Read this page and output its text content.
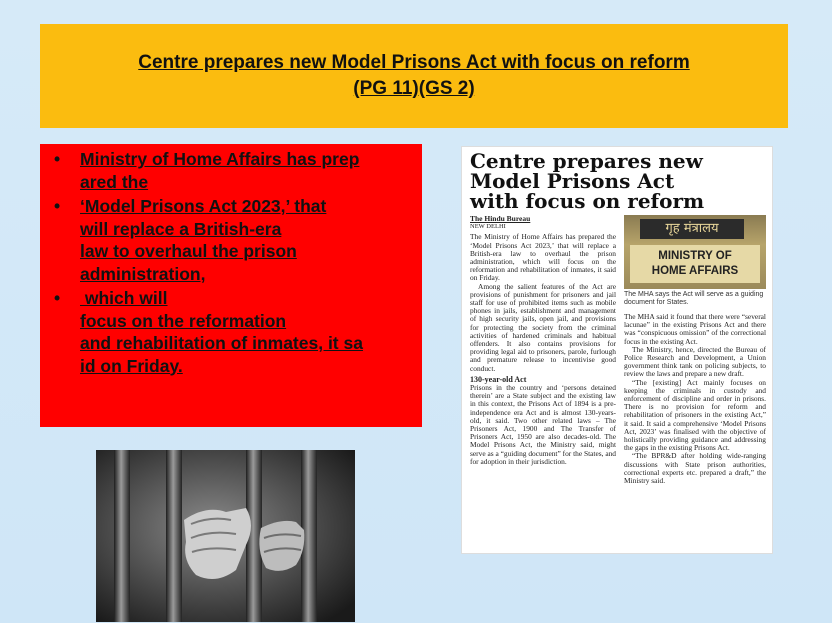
Centre prepares new Model Prisons Act with focus on reform
(PG 11)(GS 2)
• Ministry of Home Affairs has prep
ared the
• ‘Model Prisons Act 2023,’ that
will replace a British-era
law to overhaul the prison
administration,
• which will
focus on the reformation
and rehabilitation of inmates, it sa
id on Friday.
Centre prepares new
Model Prisons Act
with focus on reform
The Hindu Bureau
NEW DELHI
The Ministry of Home Affairs has prepared the ‘Model Prisons Act 2023,’ that will replace a British-era law to overhaul the prison administration, which will focus on the reformation and rehabilitation of inmates, it said on Friday.
Among the salient features of the Act are provisions of punishment for prisoners and jail staff for use of prohibited items such as mobile phones in jails, establishment and management of high security jails, open jail, and provisions for protecting the society from the criminal activities of hardened criminals and habitual offenders. It also contains provisions for providing legal aid to prisoners, parole, furlough and premature release to incentivise good conduct.
130-year-old Act
Prisons in the country and ‘persons detained therein’ are a State subject and the existing law in this context, the Prisons Act of 1894 is a pre-independence era Act and is almost 130-years-old, it said. Two other related laws – The Prisoners Act, 1900 and The Transfer of Prisoners Act, 1950 are also decades-old. The Model Prisons Act, the Ministry said, might serve as a “guiding document” for the States, and for adoption in their jurisdiction.
गृह मंत्रालय
MINISTRY OF
HOME AFFAIRS
The MHA says the Act will serve as a guiding document for States.
The MHA said it found that there were “several lacunae” in the existing Prisons Act and there was “conspicuous omission” of the correctional focus in the existing Act.
The Ministry, hence, directed the Bureau of Police Research and Development, a Union government think tank on policing subjects, to review the laws and prepare a new draft.
“The [existing] Act mainly focuses on keeping the criminals in custody and enforcement of discipline and order in prisons. There is no provision for reform and rehabilitation of prisoners in the existing Act,” it said. It said a comprehensive ‘Model Prisons Act, 2023’ was finalised with the objective of holistically providing guidance and addressing the gaps in the existing Prisons Act.
“The BPR&D after holding wide-ranging discussions with State prison authorities, correctional experts etc. prepared a draft,” the Ministry said.
